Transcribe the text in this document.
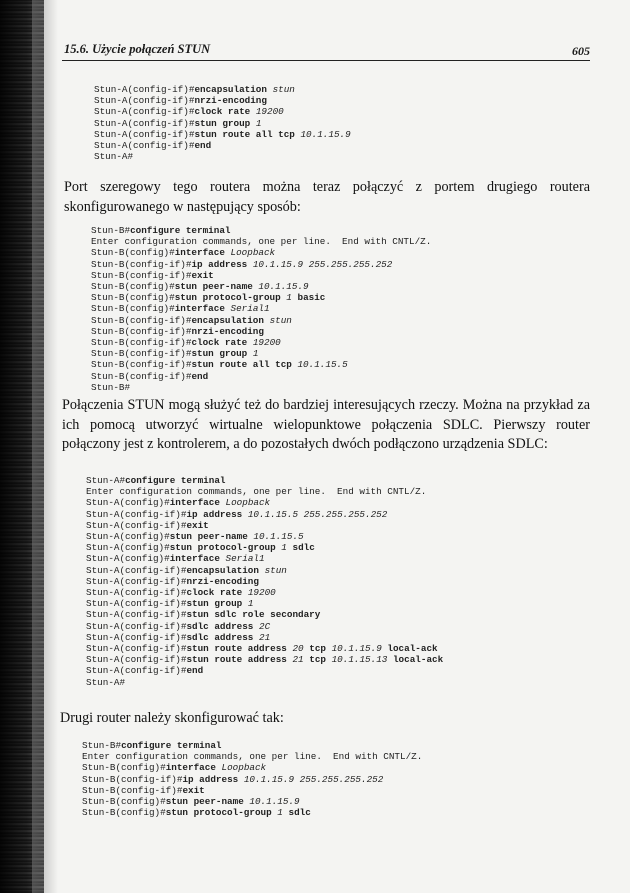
15.6. Użycie połączeń STUN	605
Stun-A(config-if)#encapsulation stun
Stun-A(config-if)#nrzi-encoding
Stun-A(config-if)#clock rate 19200
Stun-A(config-if)#stun group 1
Stun-A(config-if)#stun route all tcp 10.1.15.9
Stun-A(config-if)#end
Stun-A#
Port szeregowy tego routera można teraz połączyć z portem drugiego routera skonfigurowanego w następujący sposób:
Stun-B#configure terminal
Enter configuration commands, one per line.  End with CNTL/Z.
Stun-B(config)#interface Loopback
Stun-B(config-if)#ip address 10.1.15.9 255.255.255.252
Stun-B(config-if)#exit
Stun-B(config)#stun peer-name 10.1.15.9
Stun-B(config)#stun protocol-group 1 basic
Stun-B(config)#interface Serial1
Stun-B(config-if)#encapsulation stun
Stun-B(config-if)#nrzi-encoding
Stun-B(config-if)#clock rate 19200
Stun-B(config-if)#stun group 1
Stun-B(config-if)#stun route all tcp 10.1.15.5
Stun-B(config-if)#end
Stun-B#
Połączenia STUN mogą służyć też do bardziej interesujących rzeczy. Można na przykład za ich pomocą utworzyć wirtualne wielopunktowe połączenia SDLC. Pierwszy router połączony jest z kontrolerem, a do pozostałych dwóch podłączono urządzenia SDLC:
Stun-A#configure terminal
Enter configuration commands, one per line.  End with CNTL/Z.
Stun-A(config)#interface Loopback
Stun-A(config-if)#ip address 10.1.15.5 255.255.255.252
Stun-A(config-if)#exit
Stun-A(config)#stun peer-name 10.1.15.5
Stun-A(config)#stun protocol-group 1 sdlc
Stun-A(config)#interface Serial1
Stun-A(config-if)#encapsulation stun
Stun-A(config-if)#nrzi-encoding
Stun-A(config-if)#clock rate 19200
Stun-A(config-if)#stun group 1
Stun-A(config-if)#stun sdlc role secondary
Stun-A(config-if)#sdlc address 2C
Stun-A(config-if)#sdlc address 21
Stun-A(config-if)#stun route address 20 tcp 10.1.15.9 local-ack
Stun-A(config-if)#stun route address 21 tcp 10.1.15.13 local-ack
Stun-A(config-if)#end
Stun-A#
Drugi router należy skonfigurować tak:
Stun-B#configure terminal
Enter configuration commands, one per line.  End with CNTL/Z.
Stun-B(config)#interface Loopback
Stun-B(config-if)#ip address 10.1.15.9 255.255.255.252
Stun-B(config-if)#exit
Stun-B(config)#stun peer-name 10.1.15.9
Stun-B(config)#stun protocol-group 1 sdlc
